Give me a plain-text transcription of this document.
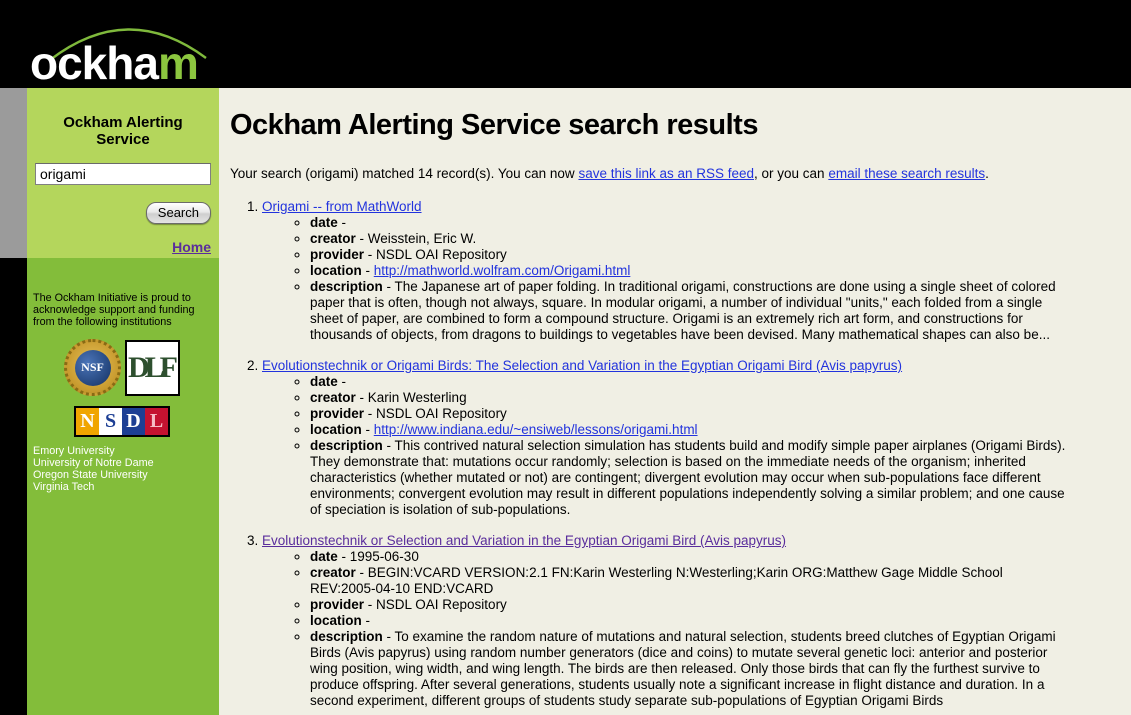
ockham
Ockham Alerting Service
origami
Search
Home

The Ockham Initiative is proud to acknowledge support and funding from the following institutions

NSF DLF
N S D L
Emory University
University of Notre Dame
Oregon State University
Virginia Tech
Ockham Alerting Service search results

Your search (origami) matched 14 record(s). You can now save this link as an RSS feed, or you can email these search results.

1. Origami -- from MathWorld
◦ date -
◦ creator - Weisstein, Eric W.
◦ provider - NSDL OAI Repository
◦ location - http://mathworld.wolfram.com/Origami.html
◦ description - The Japanese art of paper folding. In traditional origami, constructions are done using a single sheet of colored paper that is often, though not always, square. In modular origami, a number of individual "units," each folded from a single sheet of paper, are combined to form a compound structure. Origami is an extremely rich art form, and constructions for thousands of objects, from dragons to buildings to vegetables have been devised. Many mathematical shapes can also be...
2. Evolutionstechnik or Origami Birds: The Selection and Variation in the Egyptian Origami Bird (Avis papyrus)
◦ date -
◦ creator - Karin Westerling
◦ provider - NSDL OAI Repository
◦ location - http://www.indiana.edu/~ensiweb/lessons/origami.html
◦ description - This contrived natural selection simulation has students build and modify simple paper airplanes (Origami Birds). They demonstrate that: mutations occur randomly; selection is based on the immediate needs of the organism; inherited characteristics (whether mutated or not) are contingent; divergent evolution may occur when sub-populations face different environments; convergent evolution may result in different populations independently solving a similar problem; and one cause of speciation is isolation of sub-populations.
3. Evolutionstechnik or Selection and Variation in the Egyptian Origami Bird (Avis papyrus)
◦ date - 1995-06-30
◦ creator - BEGIN:VCARD VERSION:2.1 FN:Karin Westerling N:Westerling;Karin ORG:Matthew Gage Middle School REV:2005-04-10 END:VCARD
◦ provider - NSDL OAI Repository
◦ location -
◦ description - To examine the random nature of mutations and natural selection, students breed clutches of Egyptian Origami Birds (Avis papyrus) using random number generators (dice and coins) to mutate several genetic loci: anterior and posterior wing position, wing width, and wing length. The birds are then released. Only those birds that can fly the furthest survive to produce offspring. After several generations, students usually note a significant increase in flight distance and duration. In a second experiment, different groups of students study separate sub-populations of Egyptian Origami Birds
